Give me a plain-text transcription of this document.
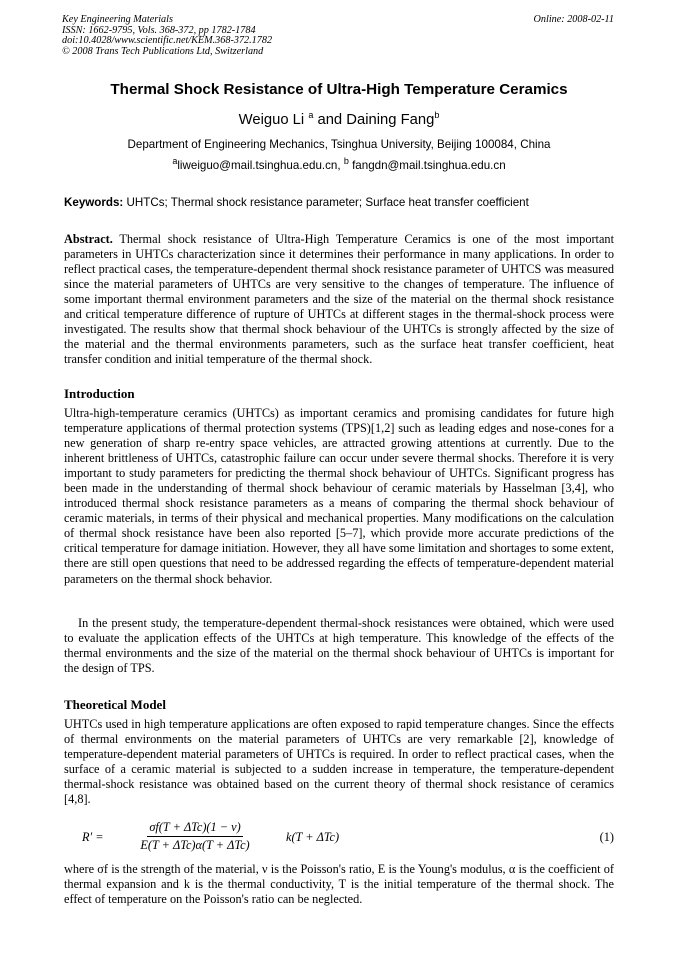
Key Engineering Materials
ISSN: 1662-9795, Vols. 368-372, pp 1782-1784
doi:10.4028/www.scientific.net/KEM.368-372.1782
© 2008 Trans Tech Publications Ltd, Switzerland
Online: 2008-02-11
Thermal Shock Resistance of Ultra-High Temperature Ceramics
Weiguo Li $^a$ and Daining Fang$^b$
Department of Engineering Mechanics, Tsinghua University, Beijing 100084, China
$^a$liweiguo@mail.tsinghua.edu.cn, $^b$ fangdn@mail.tsinghua.edu.cn
Keywords: UHTCs; Thermal shock resistance parameter; Surface heat transfer coefficient
Abstract. Thermal shock resistance of Ultra-High Temperature Ceramics is one of the most important parameters in UHTCs characterization since it determines their performance in many applications. In order to reflect practical cases, the temperature-dependent thermal shock resistance parameter of UHTCS was measured since the material parameters of UHTCs are very sensitive to the changes of temperature. The influence of some important thermal environment parameters and the size of the material on the thermal shock resistance and critical temperature difference of rupture of UHTCs at different stages in the thermal-shock process were investigated. The results show that thermal shock behaviour of the UHTCs is strongly affected by the size of the material and the thermal environments parameters, such as the surface heat transfer coefficient, heat transfer condition and initial temperature of the thermal shock.
Introduction
Ultra-high-temperature ceramics (UHTCs) as important ceramics and promising candidates for future high temperature applications of thermal protection systems (TPS)[1,2] such as leading edges and nose-cones for a new generation of sharp re-entry space vehicles, are attracted growing attentions at currently. Due to the inherent brittleness of UHTCs, catastrophic failure can occur under severe thermal shocks. Therefore it is very important to study parameters for predicting the thermal shock behaviour of UHTCs. Significant progress has been made in the understanding of thermal shock behaviour of ceramic materials by Hasselman [3,4], who introduced thermal shock resistance parameters as a means of comparing the thermal shock behaviour of ceramic materials, in terms of their physical and mechanical properties. Many modifications on the calculation of thermal shock resistance have been also reported [5–7], which provide more accurate predictions of the critical temperature for damage initiation. However, they all have some limitation and shortages to some extent, there are still open questions that need to be addressed regarding the effects of temperature-dependent material parameters on the thermal shock behavior.
In the present study, the temperature-dependent thermal-shock resistances were obtained, which were used to evaluate the application effects of the UHTCs at high temperature. This knowledge of the effects of the thermal environments and the size of the material on the thermal shock behaviour of UHTCs is important for the design of TPS.
Theoretical Model
UHTCs used in high temperature applications are often exposed to rapid temperature changes. Since the effects of thermal environments on the material parameters of UHTCs are very remarkable [2], knowledge of temperature-dependent material parameters of UHTCs is required. In order to reflect practical cases, when the surface of a ceramic material is subjected to a sudden increase in temperature, the temperature-dependent thermal-shock resistance was obtained based on the current theory of thermal shock resistance of ceramics [4,8].
R′ =
σf(T + ΔTc)(1 − ν)
E(T + ΔTc)α(T + ΔTc)
k(T + ΔTc)	(1)
where σf is the strength of the material, ν is the Poisson's ratio, E is the Young's modulus, α is the coefficient of thermal expansion and k is the thermal conductivity, T is the initial temperature of the thermal shock. The effect of temperature on the Poisson's ratio can be neglected.
